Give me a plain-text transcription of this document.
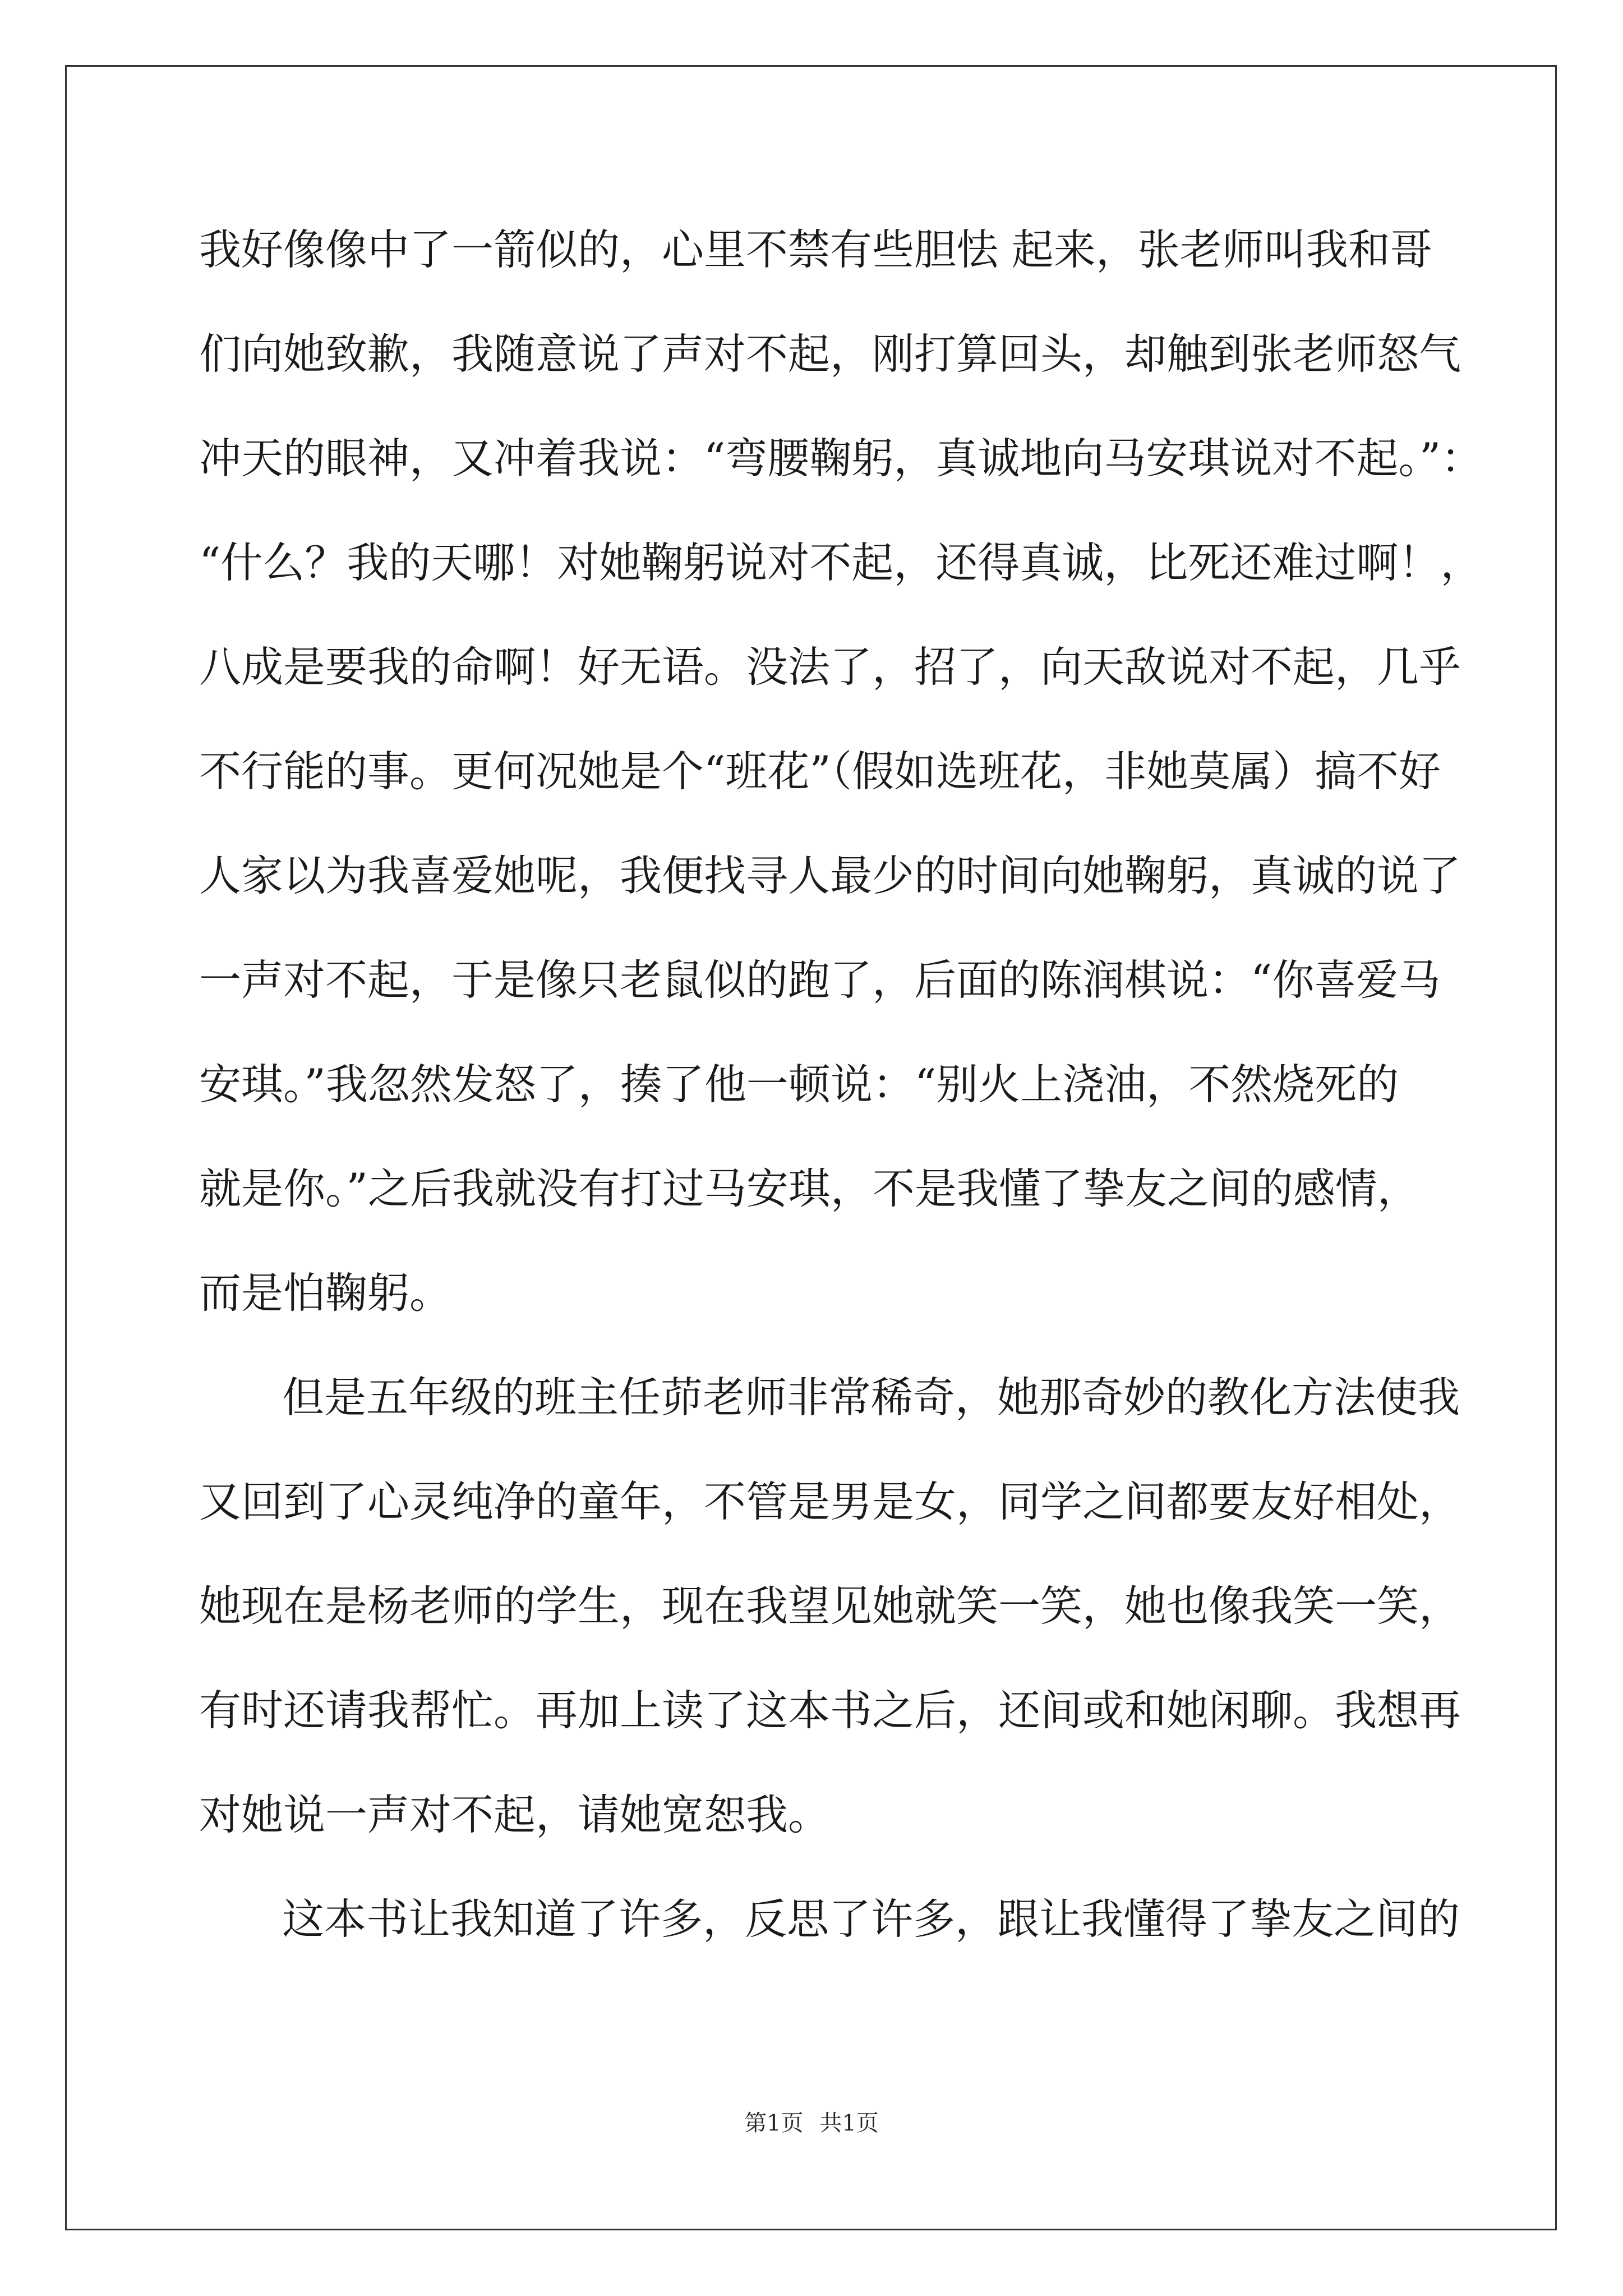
我好像像中了一箭似的，心里不禁有些胆怯 起来，张老师叫我和哥
们向她致歉，我随意说了声对不起，刚打算回头，却触到张老师怒气
冲天的眼神，又冲着我说：“弯腰鞠躬，真诚地向马安琪说对不起。”：
“什么？我的天哪！对她鞠躬说对不起，还得真诚，比死还难过啊！，
八成是要我的命啊！好无语。没法了，招了，向天敌说对不起，几乎
不行能的事。更何况她是个“班花”（假如选班花，非她莫属）搞不好
人家以为我喜爱她呢，我便找寻人最少的时间向她鞠躬，真诚的说了
一声对不起，于是像只老鼠似的跑了，后面的陈润棋说：“你喜爱马
安琪。”我忽然发怒了，揍了他一顿说：“别火上浇油，不然烧死的
就是你。”之后我就没有打过马安琪，不是我懂了挚友之间的感情，
而是怕鞠躬。
但是五年级的班主任茆老师非常稀奇，她那奇妙的教化方法使我
又回到了心灵纯净的童年，不管是男是女，同学之间都要友好相处，
她现在是杨老师的学生，现在我望见她就笑一笑，她也像我笑一笑，
有时还请我帮忙。再加上读了这本书之后，还间或和她闲聊。我想再
对她说一声对不起，请她宽恕我。
这本书让我知道了许多，反思了许多，跟让我懂得了挚友之间的
第1页 共1页
